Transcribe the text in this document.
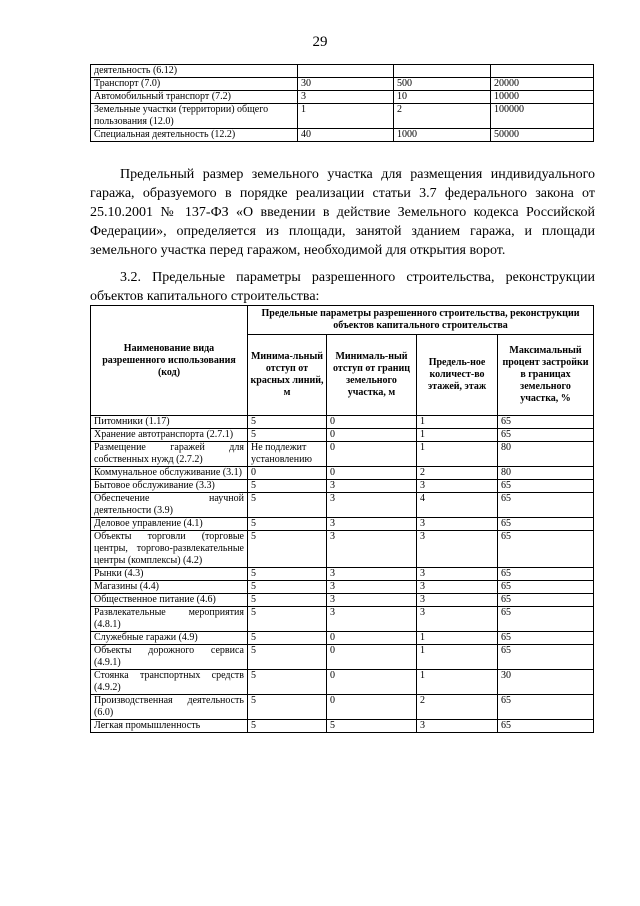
29
деятельность (6.12)			
Транспорт (7.0)	30	500	20000
Автомобильный транспорт (7.2)	3	10	10000
Земельные участки (территории) общего пользования (12.0)	1	2	100000
Специальная деятельность (12.2)	40	1000	50000

Предельный размер земельного участка для размещения индивидуального гаража, образуемого в порядке реализации статьи 3.7 федерального закона от 25.10.2001 № 137-ФЗ «О введении в действие Земельного кодекса Российской Федерации», определяется из площади, занятой зданием гаража, и площади земельного участка перед гаражом, необходимой для открытия ворот.

3.2. Предельные параметры разрешенного строительства, реконструкции объектов капитального строительства:

Наименование вида разрешенного использования (код)	Предельные параметры разрешенного строительства, реконструкции объектов капитального строительства			
	Минима-льный отступ от красных линий, м	Минималь-ный отступ от границ земельного участка, м	Предель-ное количест-во этажей, этаж	Максимальный процент застройки в границах земельного участка, %
Питомники (1.17)	5	0	1	65
Хранение автотранспорта (2.7.1)	5	0	1	65
Размещение гаражей для собственных нужд (2.7.2)	Не подлежит установлению	0	1	80
Коммунальное обслуживание (3.1)	0	0	2	80
Бытовое обслуживание (3.3)	5	3	3	65
Обеспечение научной деятельности (3.9)	5	3	4	65
Деловое управление (4.1)	5	3	3	65
Объекты торговли (торговые центры, торгово-развлекательные центры (комплексы) (4.2)	5	3	3	65
Рынки (4.3)	5	3	3	65
Магазины (4.4)	5	3	3	65
Общественное питание (4.6)	5	3	3	65
Развлекательные мероприятия (4.8.1)	5	3	3	65
Служебные гаражи (4.9)	5	0	1	65
Объекты дорожного сервиса (4.9.1)	5	0	1	65
Стоянка транспортных средств (4.9.2)	5	0	1	30
Производственная деятельность (6.0)	5	0	2	65
Легкая промышленность	5	5	3	65
